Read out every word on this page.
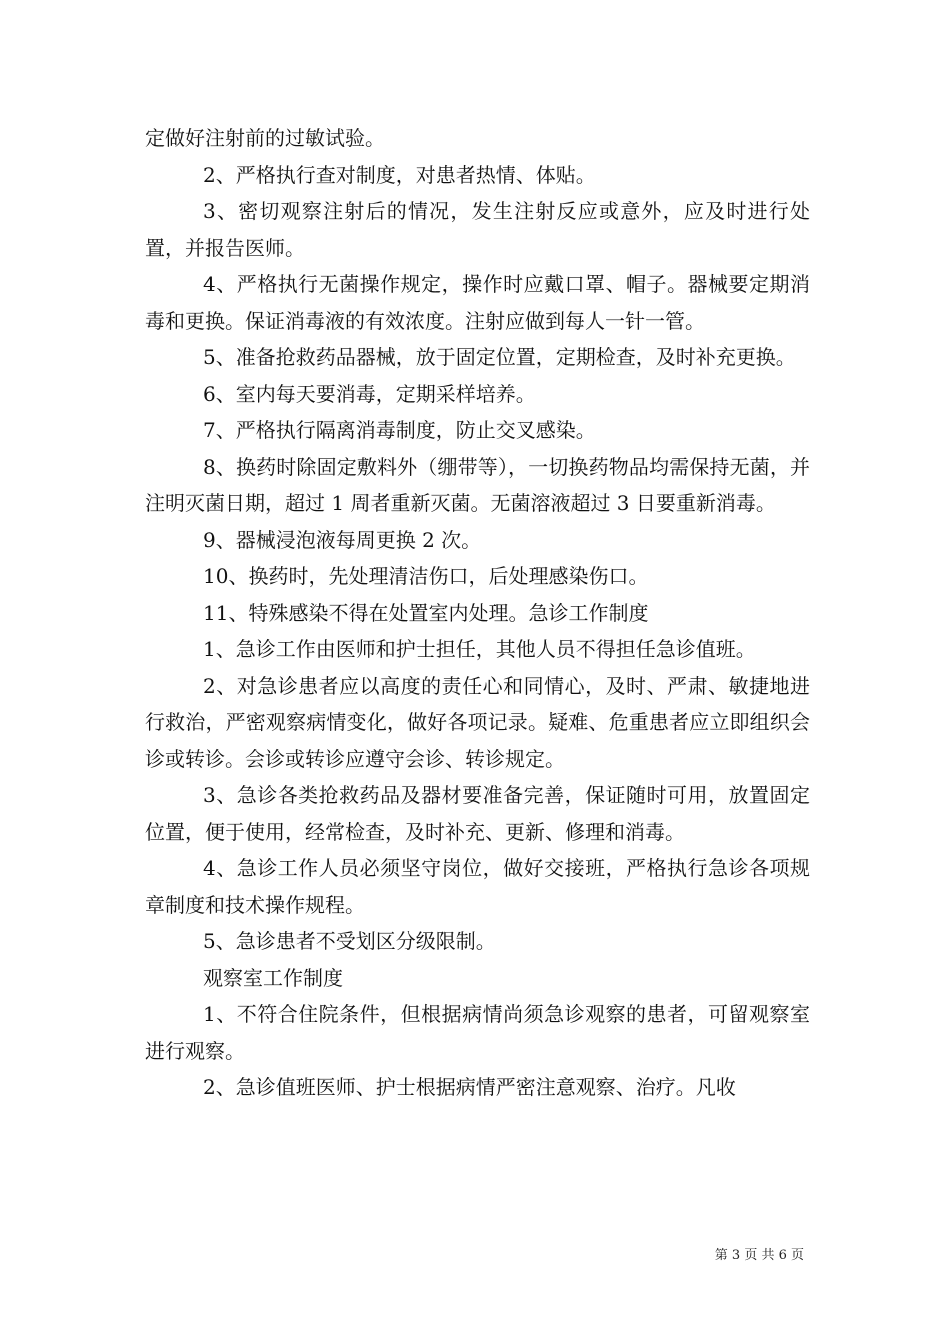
定做好注射前的过敏试验。

2、严格执行查对制度，对患者热情、体贴。

3、密切观察注射后的情况，发生注射反应或意外，应及时进行处置，并报告医师。

4、严格执行无菌操作规定，操作时应戴口罩、帽子。器械要定期消毒和更换。保证消毒液的有效浓度。注射应做到每人一针一管。

5、准备抢救药品器械，放于固定位置，定期检查，及时补充更换。

6、室内每天要消毒，定期采样培养。

7、严格执行隔离消毒制度，防止交叉感染。

8、换药时除固定敷料外（绷带等），一切换药物品均需保持无菌，并注明灭菌日期，超过 1 周者重新灭菌。无菌溶液超过 3 日要重新消毒。

9、器械浸泡液每周更换 2 次。

10、换药时，先处理清洁伤口，后处理感染伤口。

11、特殊感染不得在处置室内处理。急诊工作制度

1、急诊工作由医师和护士担任，其他人员不得担任急诊值班。

2、对急诊患者应以高度的责任心和同情心，及时、严肃、敏捷地进行救治，严密观察病情变化，做好各项记录。疑难、危重患者应立即组织会诊或转诊。会诊或转诊应遵守会诊、转诊规定。

3、急诊各类抢救药品及器材要准备完善，保证随时可用，放置固定位置，便于使用，经常检查，及时补充、更新、修理和消毒。

4、急诊工作人员必须坚守岗位，做好交接班，严格执行急诊各项规章制度和技术操作规程。

5、急诊患者不受划区分级限制。

观察室工作制度

1、不符合住院条件，但根据病情尚须急诊观察的患者，可留观察室进行观察。

2、急诊值班医师、护士根据病情严密注意观察、治疗。凡收

第 3 页 共 6 页
